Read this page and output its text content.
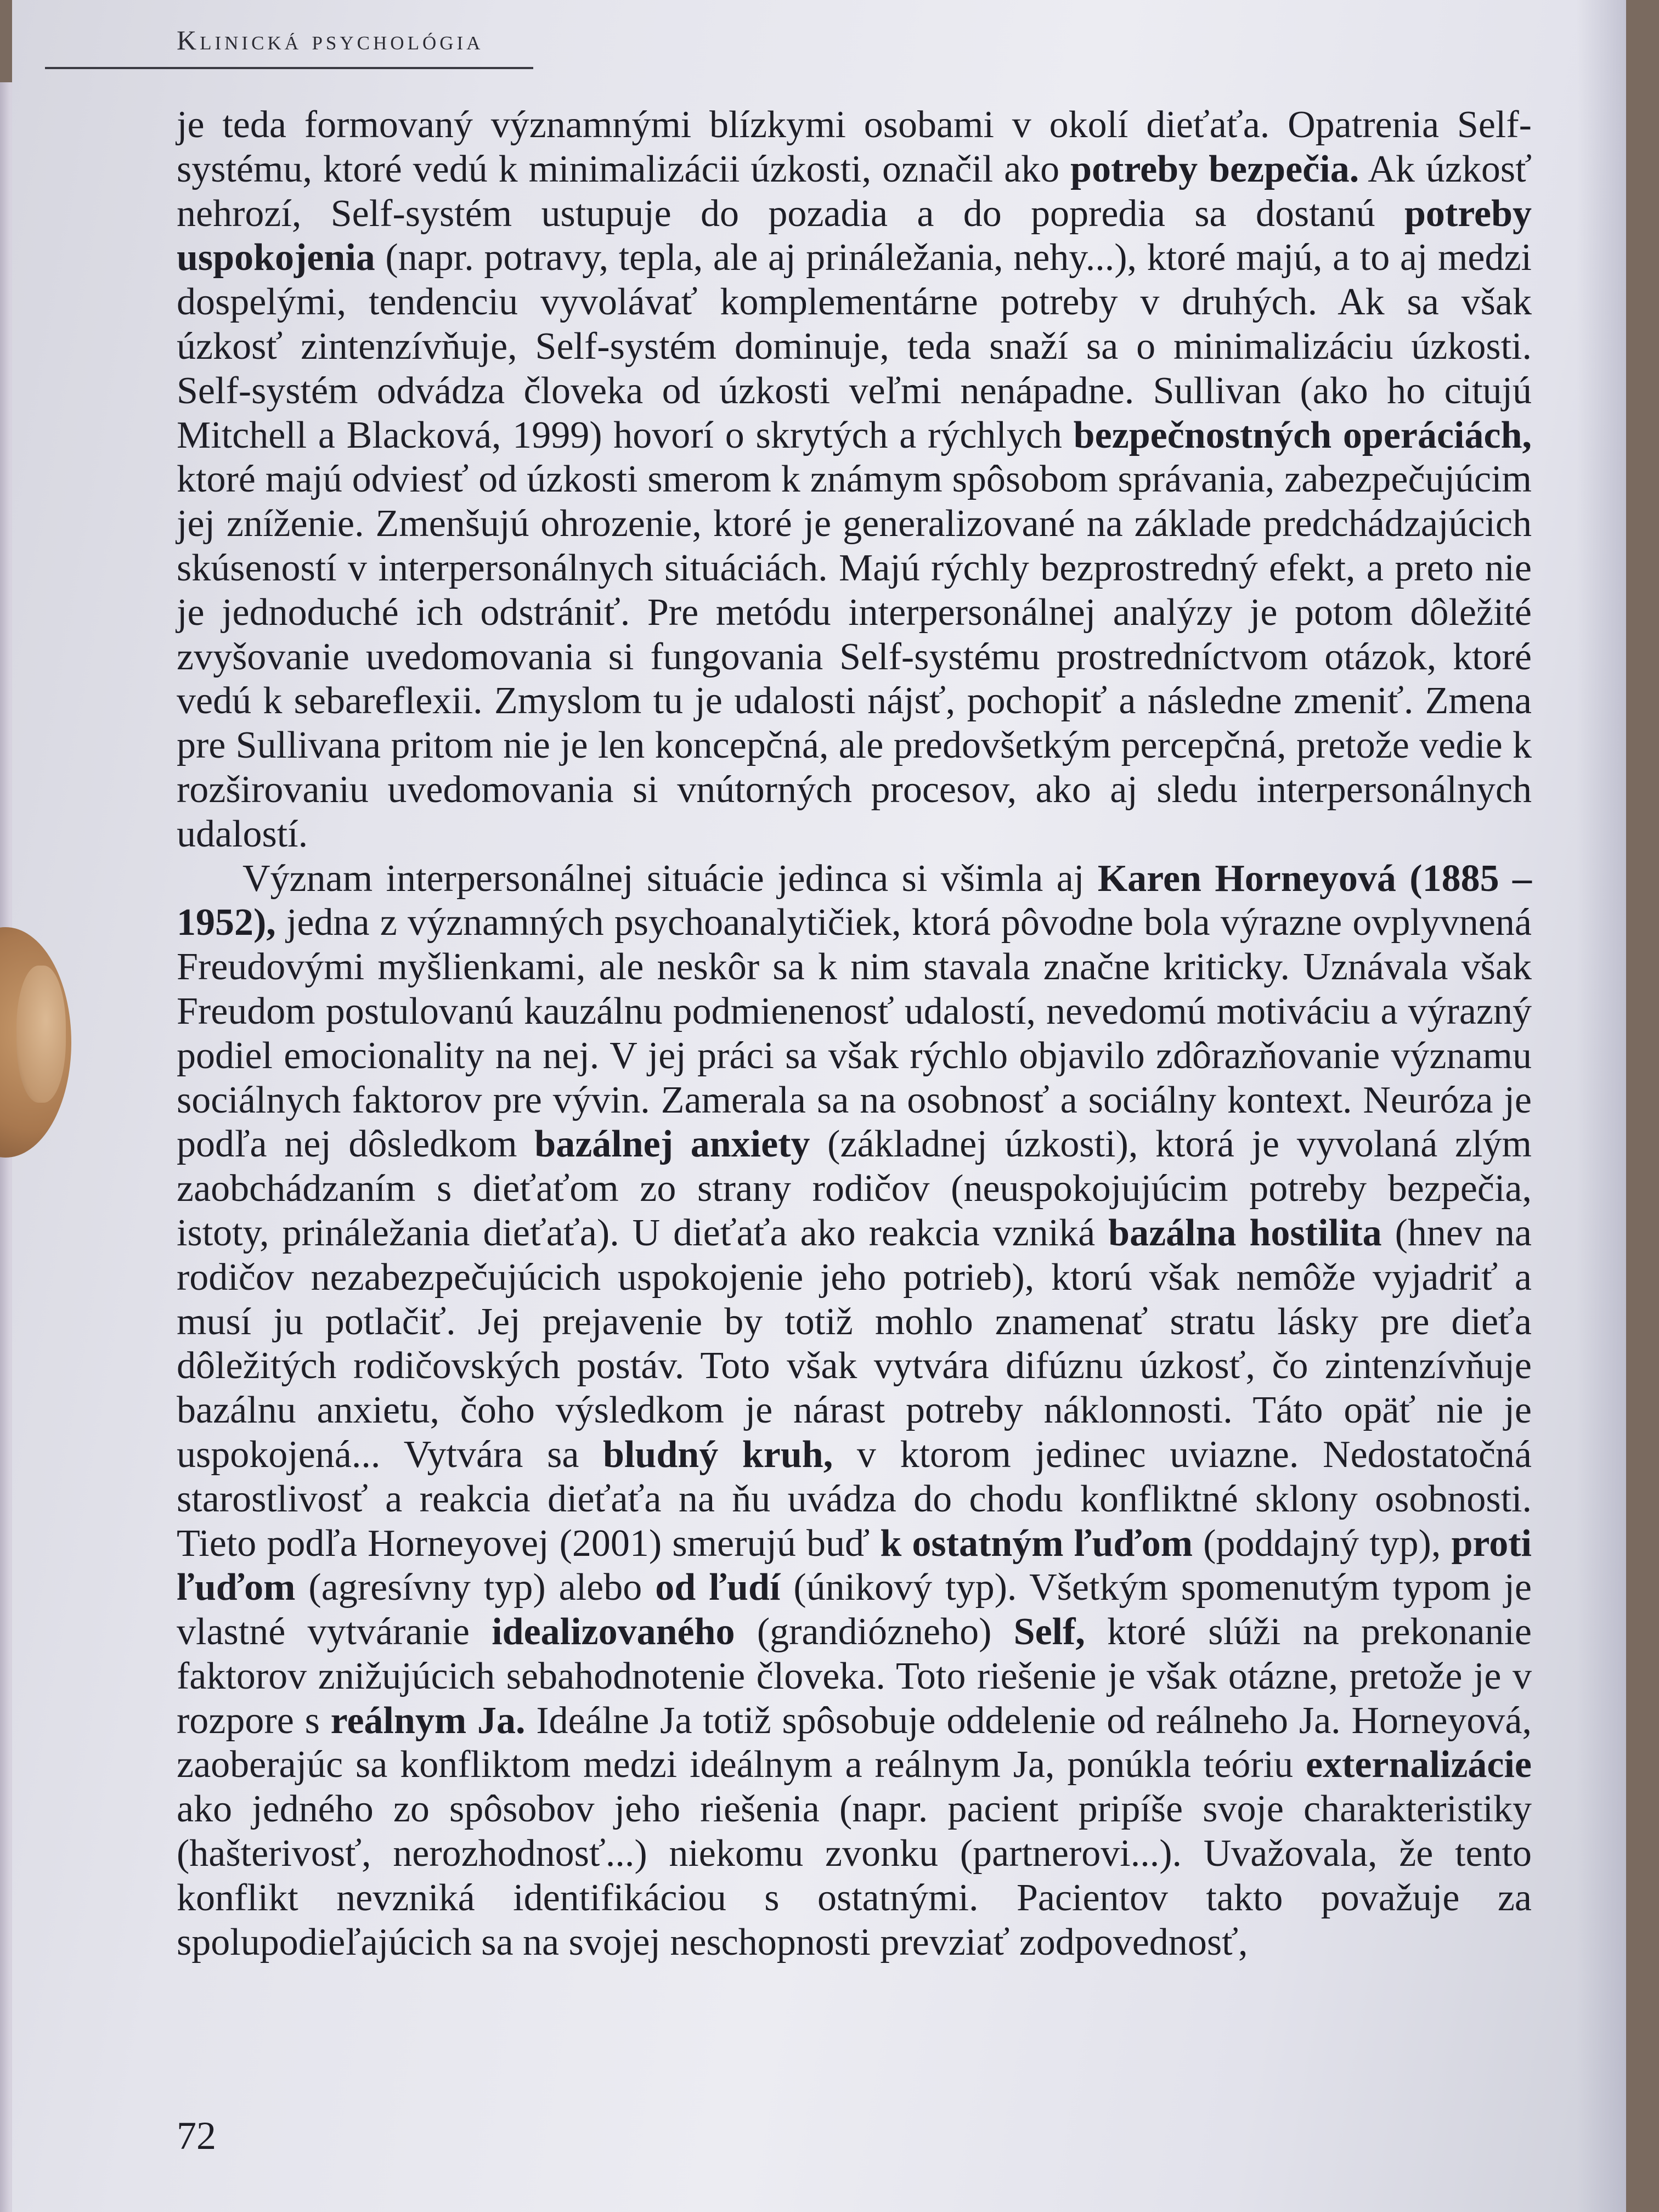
Klinická psychológia

je teda formovaný významnými blízkymi osobami v okolí dieťaťa. Opatrenia Self-systému, ktoré vedú k minimalizácii úzkosti, označil ako potreby bezpečia. Ak úzkosť nehrozí, Self-systém ustupuje do pozadia a do popredia sa dostanú potreby uspokojenia (napr. potravy, tepla, ale aj prináležania, nehy...), ktoré majú, a to aj medzi dospelými, tendenciu vyvolávať komplementárne potreby v druhých. Ak sa však úzkosť zintenzívňuje, Self-systém dominuje, teda snaží sa o minimalizáciu úzkosti. Self-systém odvádza človeka od úzkosti veľmi nenápadne. Sullivan (ako ho citujú Mitchell a Blacková, 1999) hovorí o skrytých a rýchlych bezpečnostných operáciách, ktoré majú odviesť od úzkosti smerom k známym spôsobom správania, zabezpečujúcim jej zníženie. Zmenšujú ohrozenie, ktoré je generalizované na základe predchádzajúcich skúseností v interpersonálnych situáciách. Majú rýchly bezprostredný efekt, a preto nie je jednoduché ich odstrániť. Pre metódu interpersonálnej analýzy je potom dôležité zvyšovanie uvedomovania si fungovania Self-systému prostredníctvom otázok, ktoré vedú k sebareflexii. Zmyslom tu je udalosti nájsť, pochopiť a následne zmeniť. Zmena pre Sullivana pritom nie je len koncepčná, ale predovšetkým percepčná, pretože vedie k rozširovaniu uvedomovania si vnútorných procesov, ako aj sledu interpersonálnych udalostí.

Význam interpersonálnej situácie jedinca si všimla aj Karen Horneyová (1885 – 1952), jedna z významných psychoanalytičiek, ktorá pôvodne bola výrazne ovplyvnená Freudovými myšlienkami, ale neskôr sa k nim stavala značne kriticky. Uznávala však Freudom postulovanú kauzálnu podmienenosť udalostí, nevedomú motiváciu a výrazný podiel emocionality na nej. V jej práci sa však rýchlo objavilo zdôrazňovanie významu sociálnych faktorov pre vývin. Zamerala sa na osobnosť a sociálny kontext. Neuróza je podľa nej dôsledkom bazálnej anxiety (základnej úzkosti), ktorá je vyvolaná zlým zaobchádzaním s dieťaťom zo strany rodičov (neuspokojujúcim potreby bezpečia, istoty, prináležania dieťaťa). U dieťaťa ako reakcia vzniká bazálna hostilita (hnev na rodičov nezabezpečujúcich uspokojenie jeho potrieb), ktorú však nemôže vyjadriť a musí ju potlačiť. Jej prejavenie by totiž mohlo znamenať stratu lásky pre dieťa dôležitých rodičovských postáv. Toto však vytvára difúznu úzkosť, čo zintenzívňuje bazálnu anxietu, čoho výsledkom je nárast potreby náklonnosti. Táto opäť nie je uspokojená... Vytvára sa bludný kruh, v ktorom jedinec uviazne. Nedostatočná starostlivosť a reakcia dieťaťa na ňu uvádza do chodu konfliktné sklony osobnosti. Tieto podľa Horneyovej (2001) smerujú buď k ostatným ľuďom (poddajný typ), proti ľuďom (agresívny typ) alebo od ľudí (únikový typ). Všetkým spomenutým typom je vlastné vytváranie idealizovaného (grandiózneho) Self, ktoré slúži na prekonanie faktorov znižujúcich sebahodnotenie človeka. Toto riešenie je však otázne, pretože je v rozpore s reálnym Ja. Ideálne Ja totiž spôsobuje oddelenie od reálneho Ja. Horneyová, zaoberajúc sa konfliktom medzi ideálnym a reálnym Ja, ponúkla teóriu externalizácie ako jedného zo spôsobov jeho riešenia (napr. pacient pripíše svoje charakteristiky (hašterivosť, nerozhodnosť...) niekomu zvonku (partnerovi...). Uvažovala, že tento konflikt nevzniká identifikáciou s ostatnými. Pacientov takto považuje za spolupodieľajúcich sa na svojej neschopnosti prevziať zodpovednosť,

72
